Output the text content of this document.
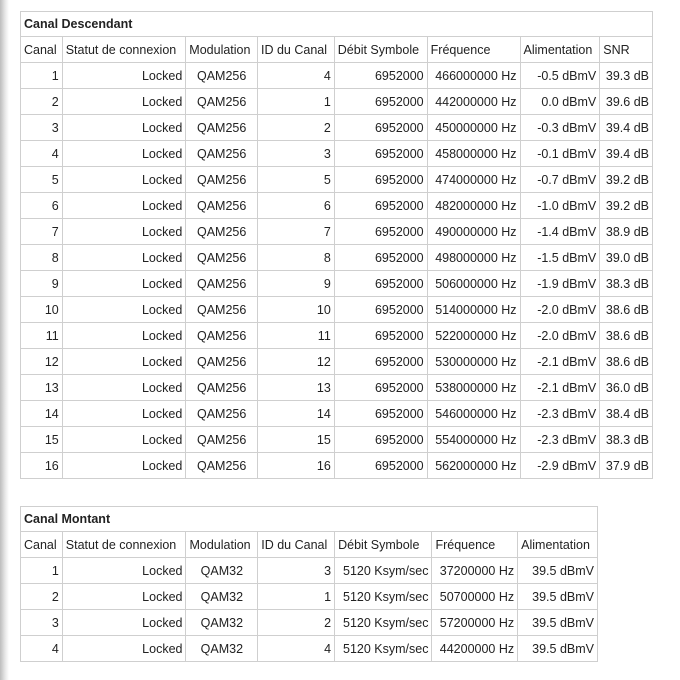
Canal Descendant							
Canal	Statut de connexion	Modulation	ID du Canal	Débit Symbole	Fréquence	Alimentation	SNR
1	Locked	QAM256	4	6952000	466000000 Hz	-0.5 dBmV	39.3 dB
2	Locked	QAM256	1	6952000	442000000 Hz	0.0 dBmV	39.6 dB
3	Locked	QAM256	2	6952000	450000000 Hz	-0.3 dBmV	39.4 dB
4	Locked	QAM256	3	6952000	458000000 Hz	-0.1 dBmV	39.4 dB
5	Locked	QAM256	5	6952000	474000000 Hz	-0.7 dBmV	39.2 dB
6	Locked	QAM256	6	6952000	482000000 Hz	-1.0 dBmV	39.2 dB
7	Locked	QAM256	7	6952000	490000000 Hz	-1.4 dBmV	38.9 dB
8	Locked	QAM256	8	6952000	498000000 Hz	-1.5 dBmV	39.0 dB
9	Locked	QAM256	9	6952000	506000000 Hz	-1.9 dBmV	38.3 dB
10	Locked	QAM256	10	6952000	514000000 Hz	-2.0 dBmV	38.6 dB
11	Locked	QAM256	11	6952000	522000000 Hz	-2.0 dBmV	38.6 dB
12	Locked	QAM256	12	6952000	530000000 Hz	-2.1 dBmV	38.6 dB
13	Locked	QAM256	13	6952000	538000000 Hz	-2.1 dBmV	36.0 dB
14	Locked	QAM256	14	6952000	546000000 Hz	-2.3 dBmV	38.4 dB
15	Locked	QAM256	15	6952000	554000000 Hz	-2.3 dBmV	38.3 dB
16	Locked	QAM256	16	6952000	562000000 Hz	-2.9 dBmV	37.9 dB
Canal Montant						
Canal	Statut de connexion	Modulation	ID du Canal	Débit Symbole	Fréquence	Alimentation
1	Locked	QAM32	3	5120 Ksym/sec	37200000 Hz	39.5 dBmV
2	Locked	QAM32	1	5120 Ksym/sec	50700000 Hz	39.5 dBmV
3	Locked	QAM32	2	5120 Ksym/sec	57200000 Hz	39.5 dBmV
4	Locked	QAM32	4	5120 Ksym/sec	44200000 Hz	39.5 dBmV
